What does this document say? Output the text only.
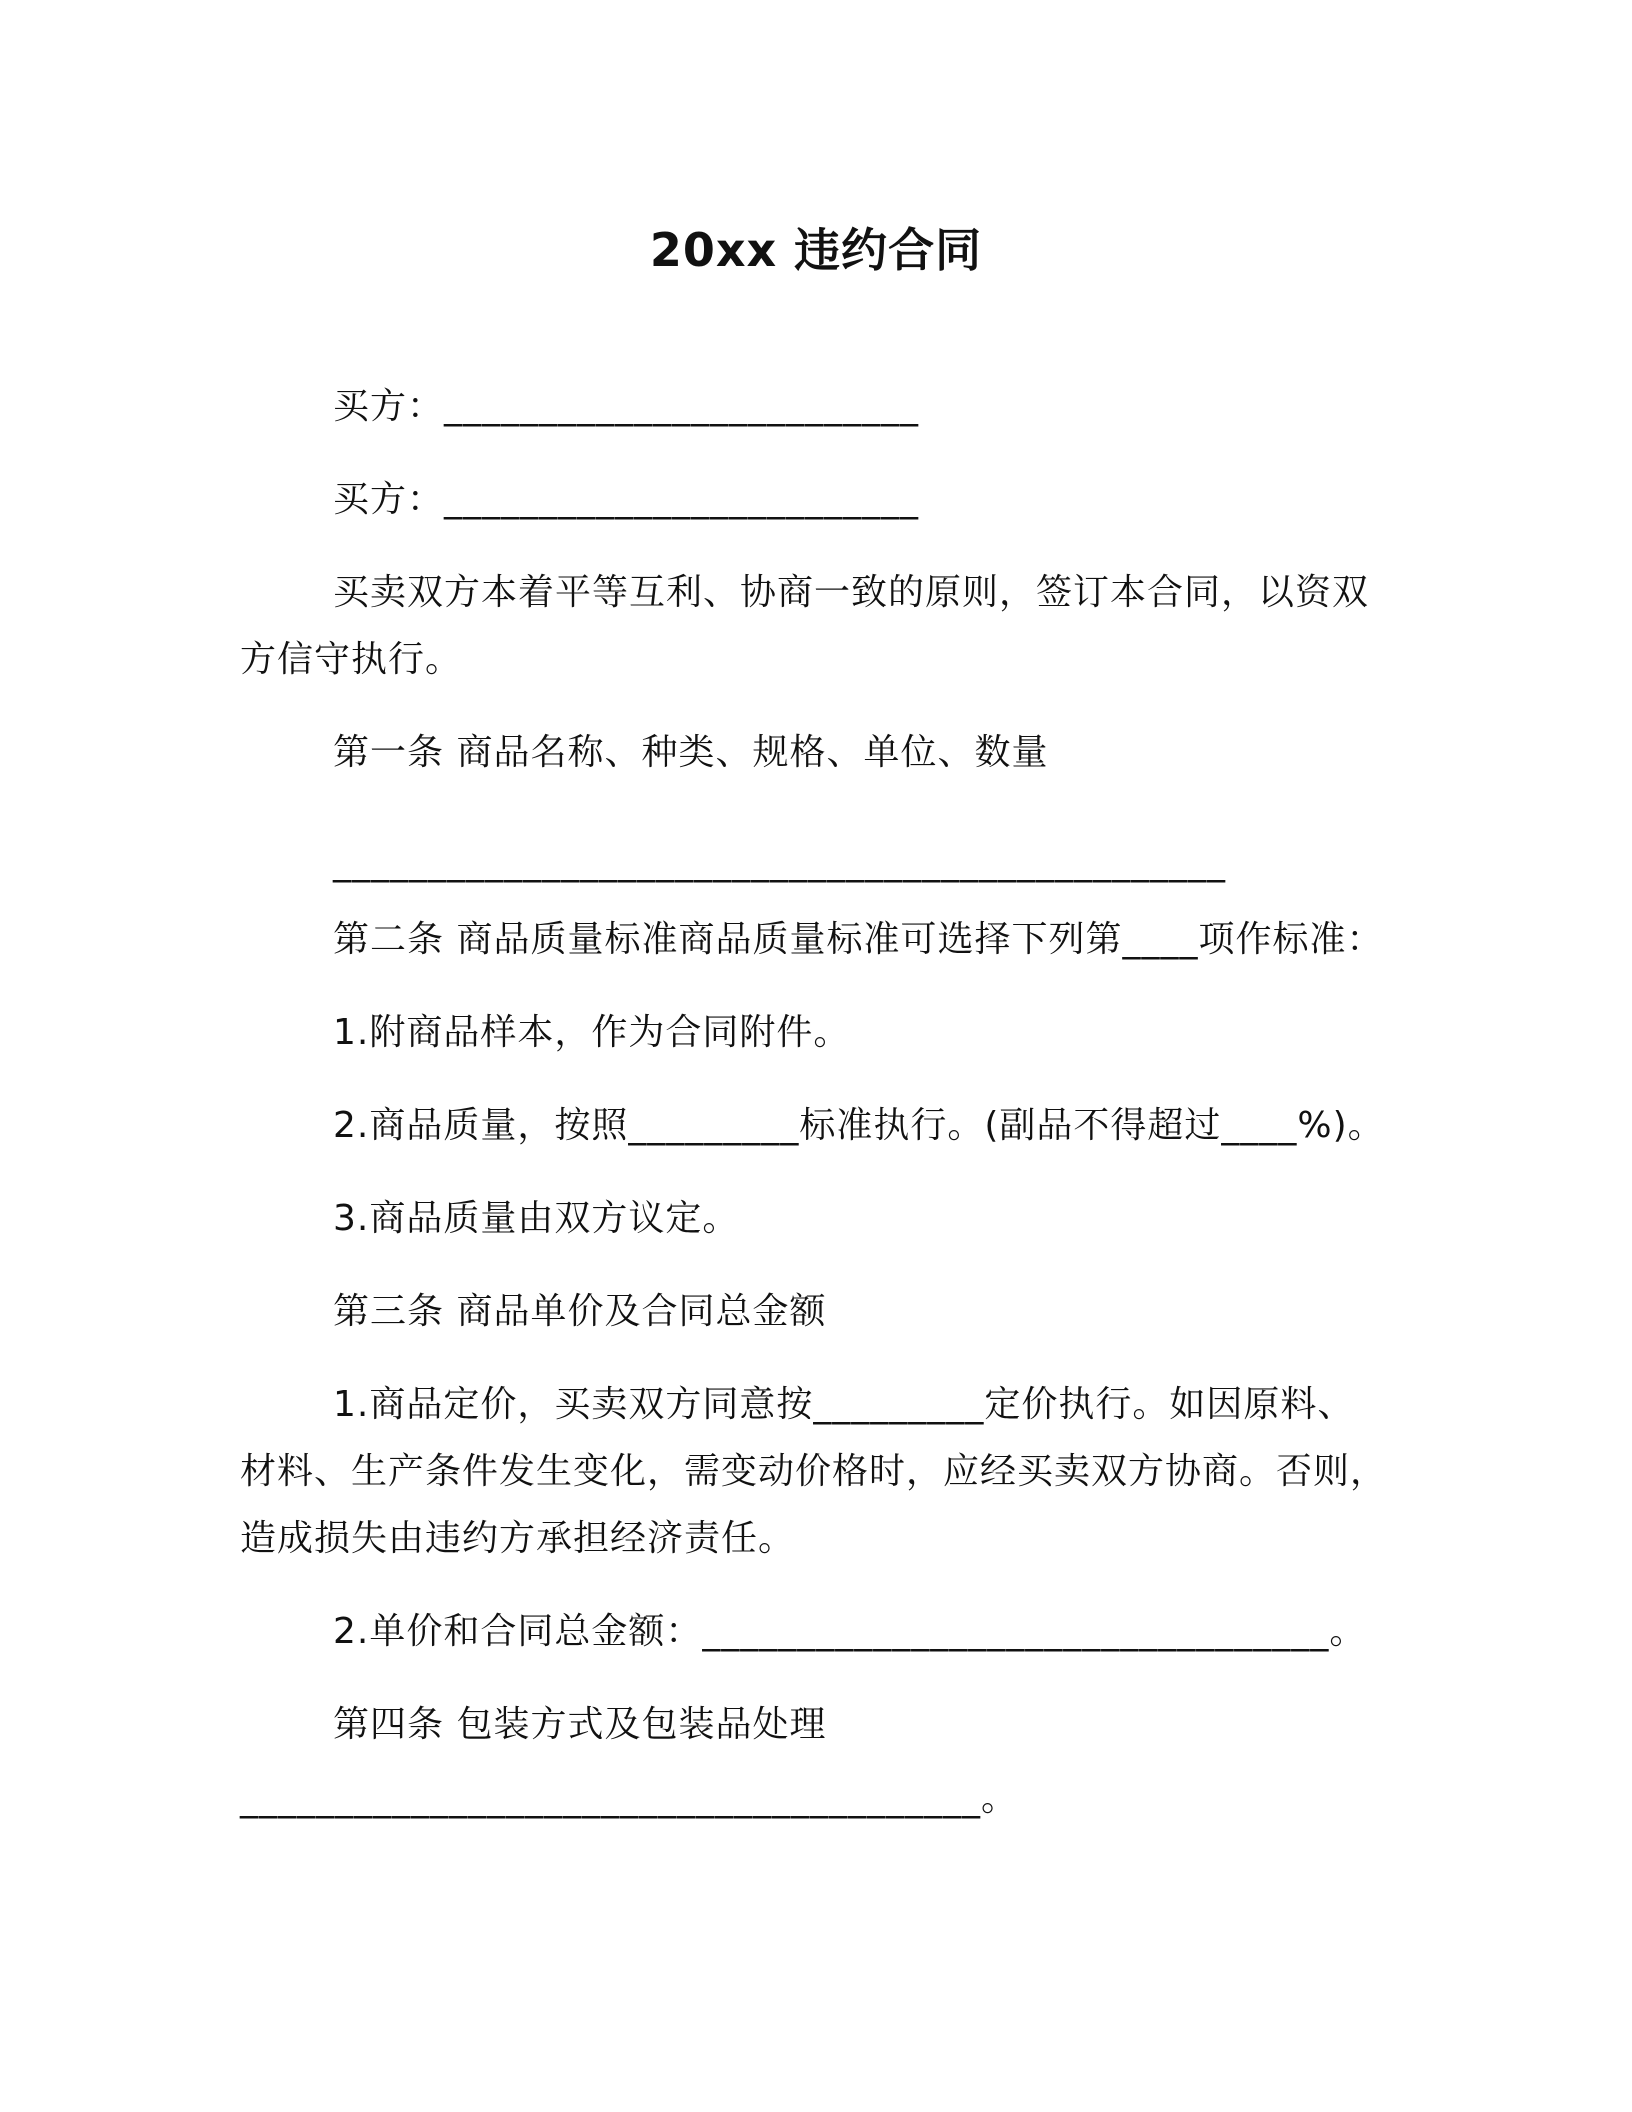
20xx 违约合同
买方：_________________________
买方：_________________________
买卖双方本着平等互利、协商一致的原则，签订本合同，以资双
方信守执行。
第一条 商品名称、种类、规格、单位、数量
_______________________________________________
第二条 商品质量标准商品质量标准可选择下列第____项作标准：
1.附商品样本，作为合同附件。
2.商品质量，按照_________标准执行。(副品不得超过____%)。
3.商品质量由双方议定。
第三条 商品单价及合同总金额
1.商品定价，买卖双方同意按_________定价执行。如因原料、
材料、生产条件发生变化，需变动价格时，应经买卖双方协商。否则，
造成损失由违约方承担经济责任。
2.单价和合同总金额：_________________________________。
第四条 包装方式及包装品处理
_______________________________________。
